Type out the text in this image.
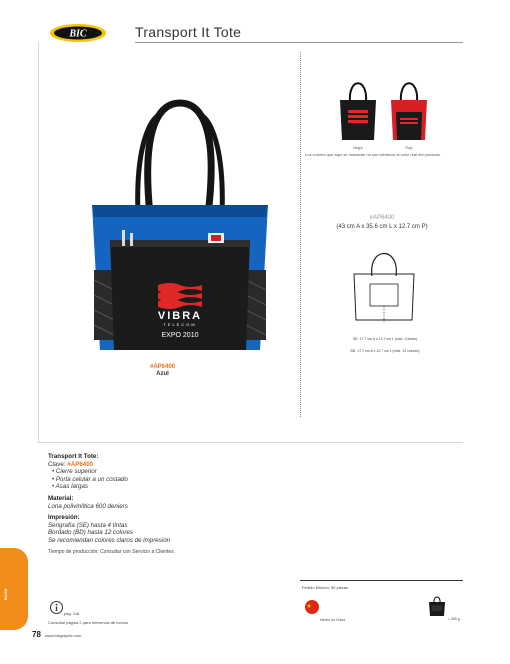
BIC	Transport It Tote
VIBRA
TELECOM
EXPO 2010
#AP6400
Azul
Negro	Rojo
Los colores que aquí se muestran no son idénticos al color real del producto
#AP6400
(43 cm A x 35.6 cm L x 12.7 cm P)
SE: 17.7 cm A x 12.7 cm L (máx. 4 tintas)
BD: 17.7 cm A x 12.7 cm L (máx. 12 colores)
Transport It Tote:
Clave: #AP6400
• Cierre superior
• Porta celular a un costado
• Asas largas
Material:
Lona poliviníltica 600 deniers
Impresión:
Serigrafía (SE) hasta 4 tintas
Bordado (BD) hasta 12 colores
Se recomiendan colores claros de impresión
Tiempo de producción: Consultar con Servicio a Clientes
Pedido Mínimo: 50 piezas
Hecho en China	≈ 300 g
BAGS
pág. 118
Consultar página 2 para referencia de íconos
78 www.bicgraphic.com
